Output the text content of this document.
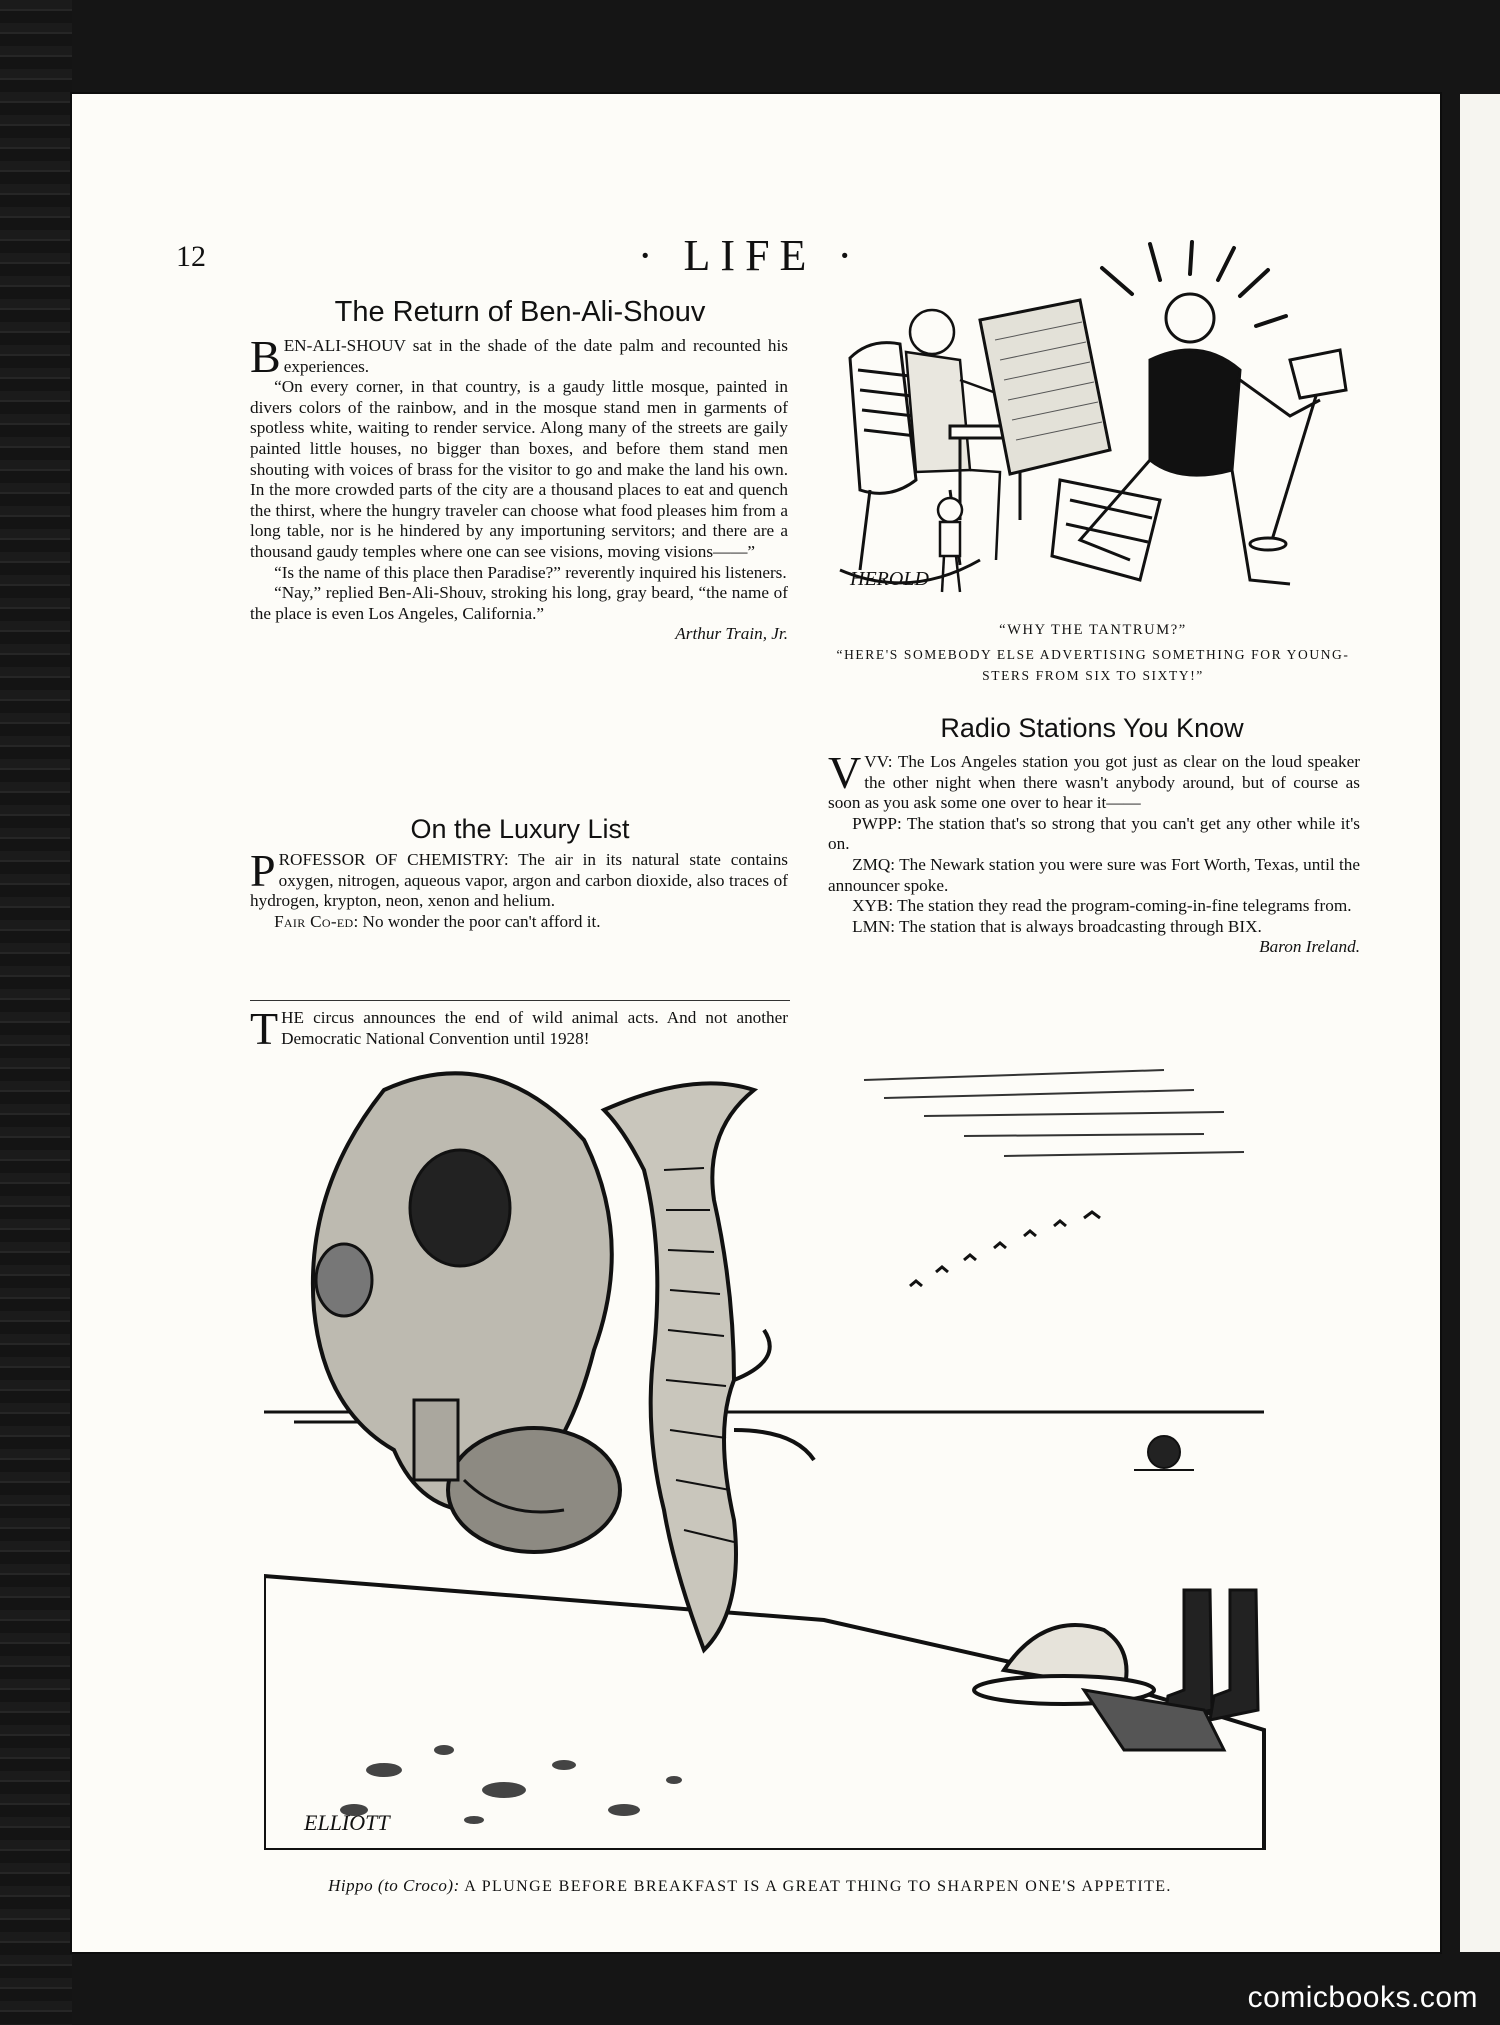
12	· LIFE ·
The Return of Ben-Ali-Shouv

BEN-ALI-SHOUV sat in the shade of the date palm and recounted his experiences.

“On every corner, in that country, is a gaudy little mosque, painted in divers colors of the rainbow, and in the mosque stand men in garments of spotless white, waiting to render service. Along many of the streets are gaily painted little houses, no bigger than boxes, and before them stand men shouting with voices of brass for the visitor to go and make the land his own. In the more crowded parts of the city are a thousand places to eat and quench the thirst, where the hungry traveler can choose what food pleases him from a long table, nor is he hindered by any importuning servitors; and there are a thousand gaudy temples where one can see visions, moving visions——”

“Is the name of this place then Paradise?” reverently inquired his listeners.

“Nay,” replied Ben-Ali-Shouv, stroking his long, gray beard, “the name of the place is even Los Angeles, California.”

Arthur Train, Jr.

On the Luxury List

PROFESSOR OF CHEMISTRY: The air in its natural state contains oxygen, nitrogen, aqueous vapor, argon and carbon dioxide, also traces of hydrogen, krypton, neon, xenon and helium.

Fair Co-ed: No wonder the poor can't afford it.

THE circus announces the end of wild animal acts. And not another Democratic National Convention until 1928!

HEROLD
“WHY THE TANTRUM?”
“HERE'S SOMEBODY ELSE ADVERTISING SOMETHING FOR YOUNG-STERS FROM SIX TO SIXTY!”
Radio Stations You Know

VVV: The Los Angeles station you got just as clear on the loud speaker the other night when there wasn't anybody around, but of course as soon as you ask some one over to hear it——

PWPP: The station that's so strong that you can't get any other while it's on.

ZMQ: The Newark station you were sure was Fort Worth, Texas, until the announcer spoke.

XYB: The station they read the program-coming-in-fine telegrams from.

LMN: The station that is always broadcasting through BIX.
Baron Ireland.

ELLIOTT
Hippo (to Croco): A PLUNGE BEFORE BREAKFAST IS A GREAT THING TO SHARPEN ONE'S APPETITE.
comicbooks.com
